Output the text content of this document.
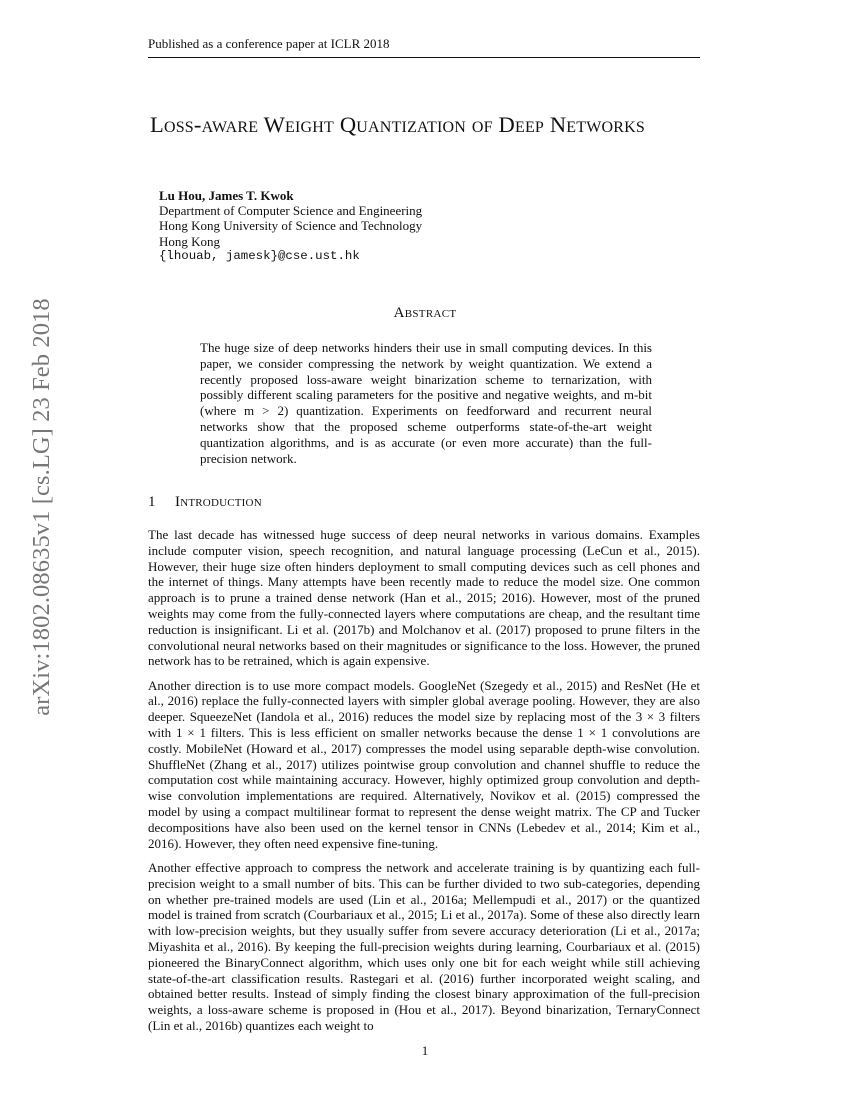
Published as a conference paper at ICLR 2018
arXiv:1802.08635v1 [cs.LG] 23 Feb 2018
Loss-aware Weight Quantization of Deep Networks
Lu Hou, James T. Kwok
Department of Computer Science and Engineering
Hong Kong University of Science and Technology
Hong Kong
{lhouab, jamesk}@cse.ust.hk
Abstract
The huge size of deep networks hinders their use in small computing devices. In this paper, we consider compressing the network by weight quantization. We extend a recently proposed loss-aware weight binarization scheme to ternarization, with possibly different scaling parameters for the positive and negative weights, and m-bit (where m > 2) quantization. Experiments on feedforward and recurrent neural networks show that the proposed scheme outperforms state-of-the-art weight quantization algorithms, and is as accurate (or even more accurate) than the full-precision network.
1 Introduction

The last decade has witnessed huge success of deep neural networks in various domains. Examples include computer vision, speech recognition, and natural language processing (LeCun et al., 2015). However, their huge size often hinders deployment to small computing devices such as cell phones and the internet of things. Many attempts have been recently made to reduce the model size. One common approach is to prune a trained dense network (Han et al., 2015; 2016). However, most of the pruned weights may come from the fully-connected layers where computations are cheap, and the resultant time reduction is insignificant. Li et al. (2017b) and Molchanov et al. (2017) proposed to prune filters in the convolutional neural networks based on their magnitudes or significance to the loss. However, the pruned network has to be retrained, which is again expensive.

Another direction is to use more compact models. GoogleNet (Szegedy et al., 2015) and ResNet (He et al., 2016) replace the fully-connected layers with simpler global average pooling. However, they are also deeper. SqueezeNet (Iandola et al., 2016) reduces the model size by replacing most of the 3 × 3 filters with 1 × 1 filters. This is less efficient on smaller networks because the dense 1 × 1 convolutions are costly. MobileNet (Howard et al., 2017) compresses the model using separable depth-wise convolution. ShuffleNet (Zhang et al., 2017) utilizes pointwise group convolution and channel shuffle to reduce the computation cost while maintaining accuracy. However, highly optimized group convolution and depth-wise convolution implementations are required. Alternatively, Novikov et al. (2015) compressed the model by using a compact multilinear format to represent the dense weight matrix. The CP and Tucker decompositions have also been used on the kernel tensor in CNNs (Lebedev et al., 2014; Kim et al., 2016). However, they often need expensive fine-tuning.

Another effective approach to compress the network and accelerate training is by quantizing each full-precision weight to a small number of bits. This can be further divided to two sub-categories, depending on whether pre-trained models are used (Lin et al., 2016a; Mellempudi et al., 2017) or the quantized model is trained from scratch (Courbariaux et al., 2015; Li et al., 2017a). Some of these also directly learn with low-precision weights, but they usually suffer from severe accuracy deterioration (Li et al., 2017a; Miyashita et al., 2016). By keeping the full-precision weights during learning, Courbariaux et al. (2015) pioneered the BinaryConnect algorithm, which uses only one bit for each weight while still achieving state-of-the-art classification results. Rastegari et al. (2016) further incorporated weight scaling, and obtained better results. Instead of simply finding the closest binary approximation of the full-precision weights, a loss-aware scheme is proposed in (Hou et al., 2017). Beyond binarization, TernaryConnect (Lin et al., 2016b) quantizes each weight to

1
